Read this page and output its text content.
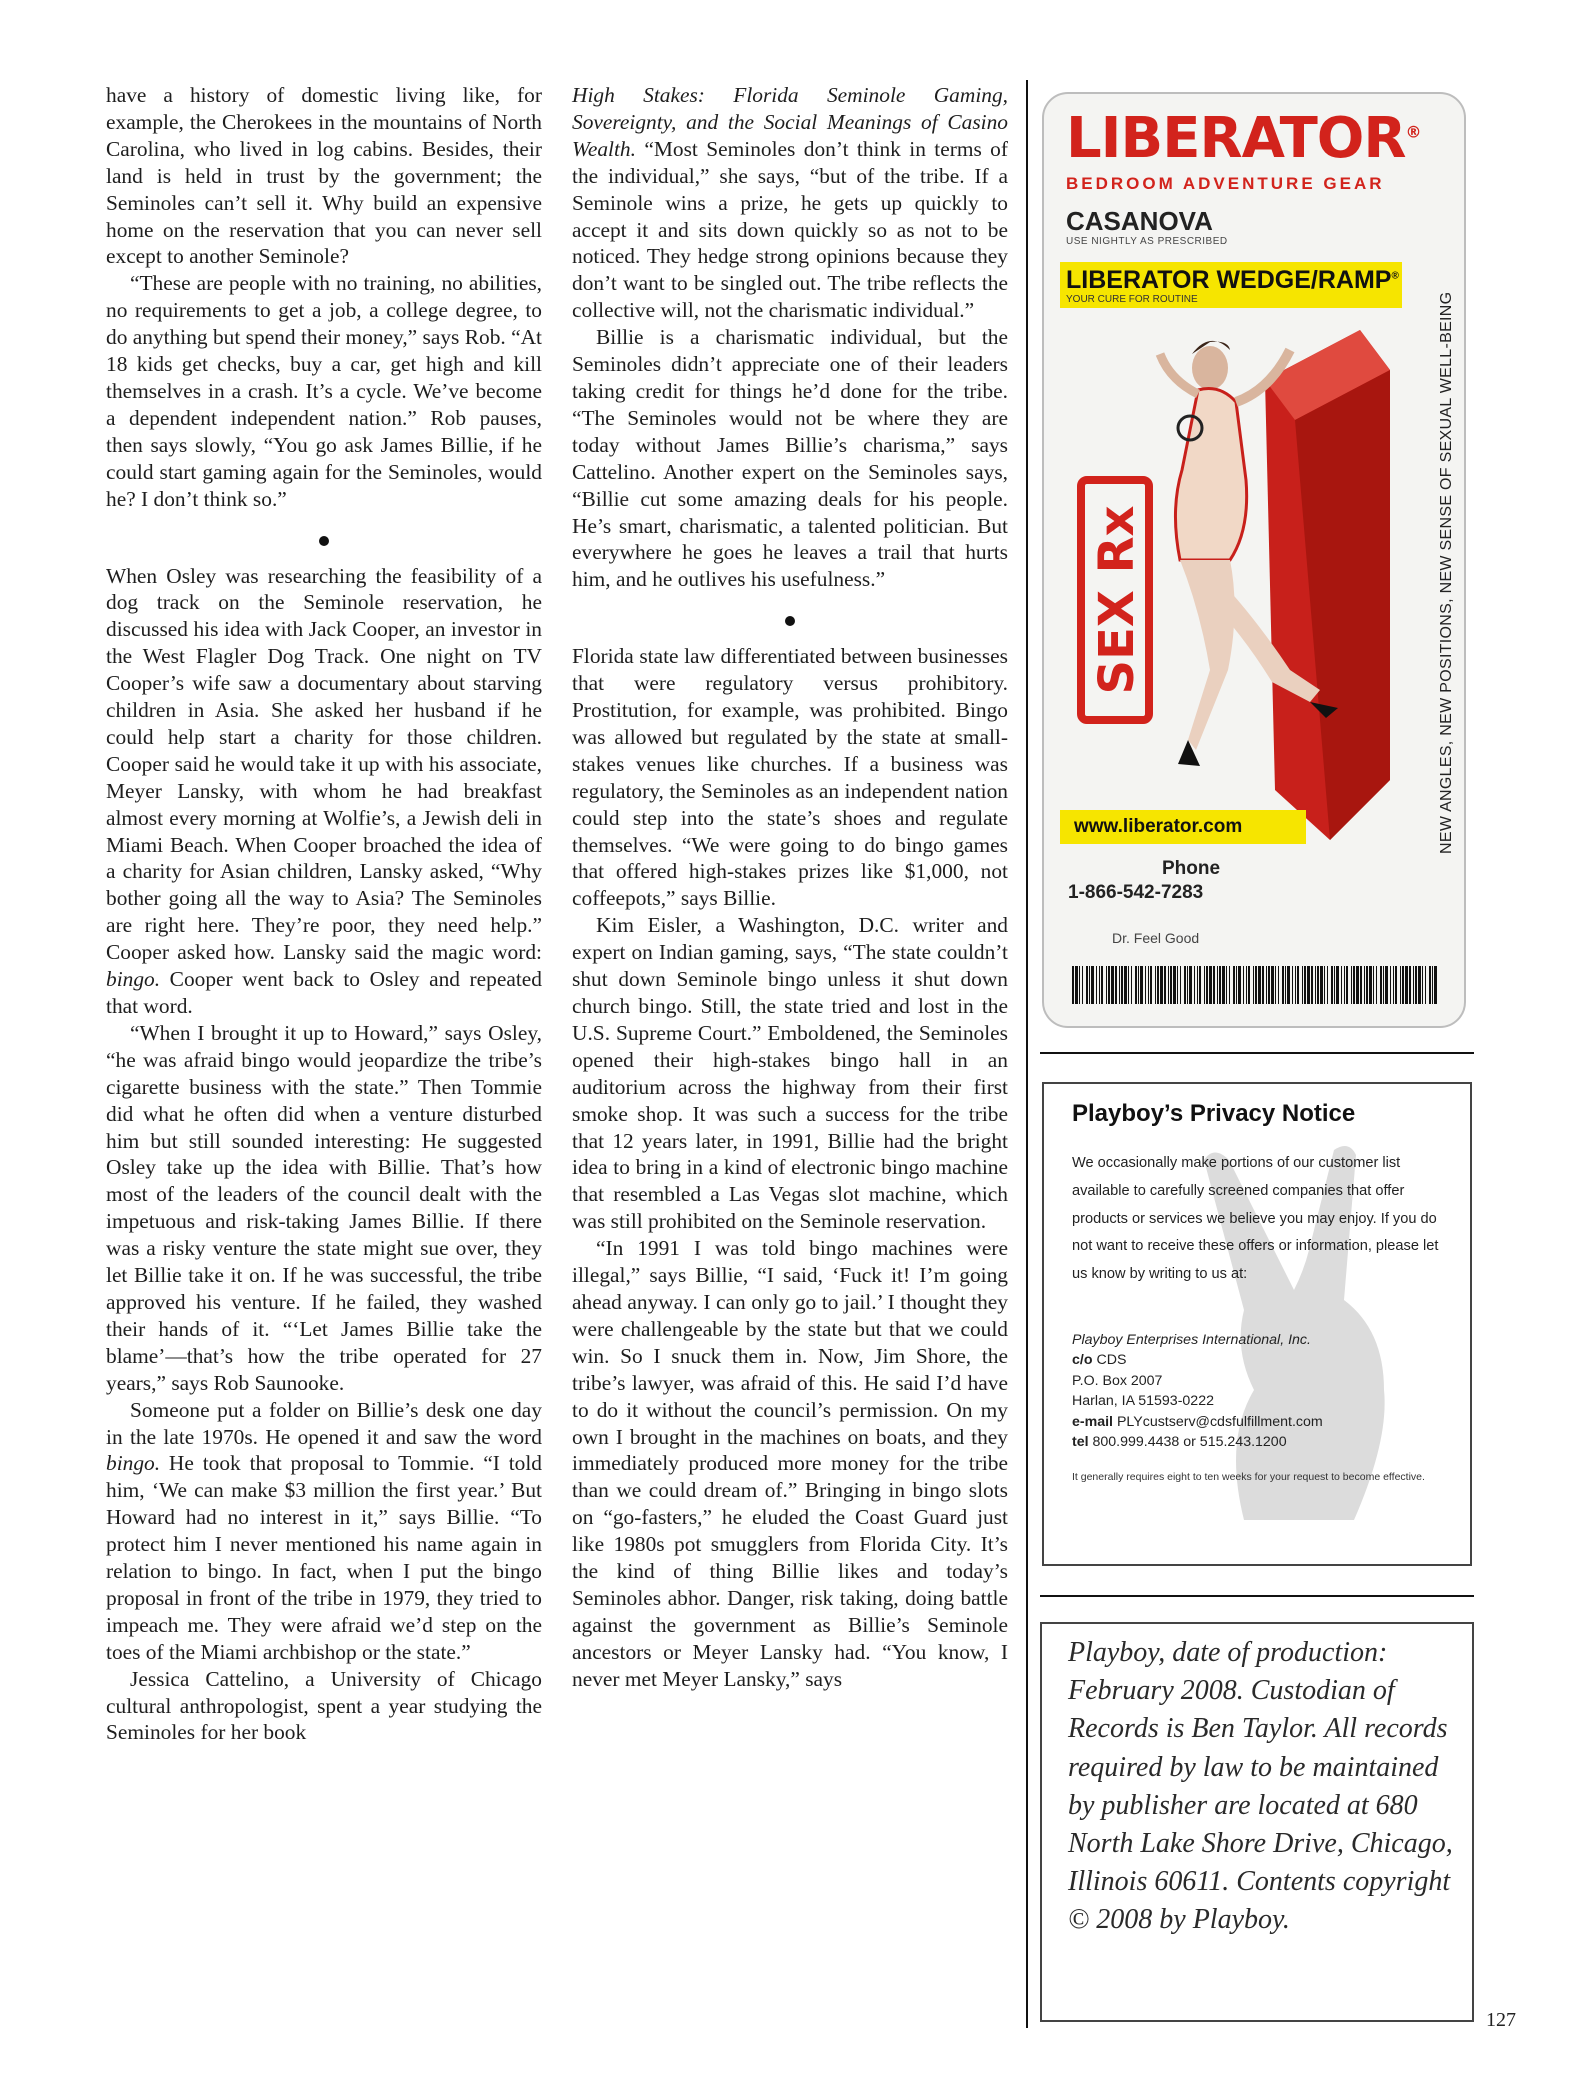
have a history of domestic living like, for example, the Cherokees in the mountains of North Carolina, who lived in log cabins. Besides, their land is held in trust by the government; the Seminoles can’t sell it. Why build an expensive home on the reservation that you can never sell except to another Seminole?

“These are people with no training, no abilities, no requirements to get a job, a college degree, to do anything but spend their money,” says Rob. “At 18 kids get checks, buy a car, get high and kill themselves in a crash. It’s a cycle. We’ve become a dependent independent nation.” Rob pauses, then says slowly, “You go ask James Billie, if he could start gaming again for the Seminoles, would he? I don’t think so.”

When Osley was researching the feasibility of a dog track on the Seminole reservation, he discussed his idea with Jack Cooper, an investor in the West Flagler Dog Track. One night on TV Cooper’s wife saw a documentary about starving children in Asia. She asked her husband if he could help start a charity for those children. Cooper said he would take it up with his associate, Meyer Lansky, with whom he had breakfast almost every morning at Wolfie’s, a Jewish deli in Miami Beach. When Cooper broached the idea of a charity for Asian children, Lansky asked, “Why bother going all the way to Asia? The Seminoles are right here. They’re poor, they need help.” Cooper asked how. Lansky said the magic word: bingo. Cooper went back to Osley and repeated that word.

“When I brought it up to Howard,” says Osley, “he was afraid bingo would jeopardize the tribe’s cigarette business with the state.” Then Tommie did what he often did when a venture disturbed him but still sounded interesting: He suggested Osley take up the idea with Billie. That’s how most of the leaders of the council dealt with the impetuous and risk-taking James Billie. If there was a risky venture the state might sue over, they let Billie take it on. If he was successful, the tribe approved his venture. If he failed, they washed their hands of it. “‘Let James Billie take the blame’—that’s how the tribe operated for 27 years,” says Rob Saunooke.

Someone put a folder on Billie’s desk one day in the late 1970s. He opened it and saw the word bingo. He took that proposal to Tommie. “I told him, ‘We can make $3 million the first year.’ But Howard had no interest in it,” says Billie. “To protect him I never mentioned his name again in relation to bingo. In fact, when I put the bingo proposal in front of the tribe in 1979, they tried to impeach me. They were afraid we’d step on the toes of the Miami archbishop or the state.”

Jessica Cattelino, a University of Chicago cultural anthropologist, spent a year studying the Seminoles for her book

High Stakes: Florida Seminole Gaming, Sovereignty, and the Social Meanings of Casino Wealth. “Most Seminoles don’t think in terms of the individual,” she says, “but of the tribe. If a Seminole wins a prize, he gets up quickly to accept it and sits down quickly so as not to be noticed. They hedge strong opinions because they don’t want to be singled out. The tribe reflects the collective will, not the charismatic individual.”

Billie is a charismatic individual, but the Seminoles didn’t appreciate one of their leaders taking credit for things he’d done for the tribe. “The Seminoles would not be where they are today without James Billie’s charisma,” says Cattelino. Another expert on the Seminoles says, “Billie cut some amazing deals for his people. He’s smart, charismatic, a talented politician. But everywhere he goes he leaves a trail that hurts him, and he outlives his usefulness.”

Florida state law differentiated between businesses that were regulatory versus prohibitory. Prostitution, for example, was prohibited. Bingo was allowed but regulated by the state at small-stakes venues like churches. If a business was regulatory, the Seminoles as an independent nation could step into the state’s shoes and regulate themselves. “We were going to do bingo games that offered high-stakes prizes like $1,000, not coffeepots,” says Billie.

Kim Eisler, a Washington, D.C. writer and expert on Indian gaming, says, “The state couldn’t shut down Seminole bingo unless it shut down church bingo. Still, the state tried and lost in the U.S. Supreme Court.” Emboldened, the Seminoles opened their high-stakes bingo hall in an auditorium across the highway from their first smoke shop. It was such a success for the tribe that 12 years later, in 1991, Billie had the bright idea to bring in a kind of electronic bingo machine that resembled a Las Vegas slot machine, which was still prohibited on the Seminole reservation.

“In 1991 I was told bingo machines were illegal,” says Billie, “I said, ‘Fuck it! I’m going ahead anyway. I can only go to jail.’ I thought they were challengeable by the state but that we could win. So I snuck them in. Now, Jim Shore, the tribe’s lawyer, was afraid of this. He said I’d have to do it without the council’s permission. On my own I brought in the machines on boats, and they immediately produced more money for the tribe than we could dream of.” Bringing in bingo slots on “go-fasters,” he eluded the Coast Guard just like 1980s pot smugglers from Florida City. It’s the kind of thing Billie likes and today’s Seminoles abhor. Danger, risk taking, doing battle against the government as Billie’s Seminole ancestors or Meyer Lansky had. “You know, I never met Meyer Lansky,” says

LIBERATOR®
BEDROOM ADVENTURE GEAR
CASANOVA
USE NIGHTLY AS PRESCRIBED
LIBERATOR WEDGE/RAMP®
YOUR CURE FOR ROUTINE
SEX Rx	NEW ANGLES, NEW POSITIONS, NEW SENSE OF SEXUAL WELL-BEING
www.liberator.com
Phone
1-866-542-7283
Dr. Feel Good
Playboy’s Privacy Notice
We occasionally make portions of our customer list available to carefully screened companies that offer products or services we believe you may enjoy. If you do not want to receive these offers or information, please let us know by writing to us at:
Playboy Enterprises International, Inc.
c/o CDS
P.O. Box 2007
Harlan, IA 51593-0222
e-mail PLYcustserv@cdsfulfillment.com
tel 800.999.4438 or 515.243.1200
It generally requires eight to ten weeks for your request to become effective.

Playboy, date of production: February 2008. Custodian of Records is Ben Taylor. All records required by law to be maintained by publisher are located at 680 North Lake Shore Drive, Chicago, Illinois 60611. Contents copyright © 2008 by Playboy.

127
